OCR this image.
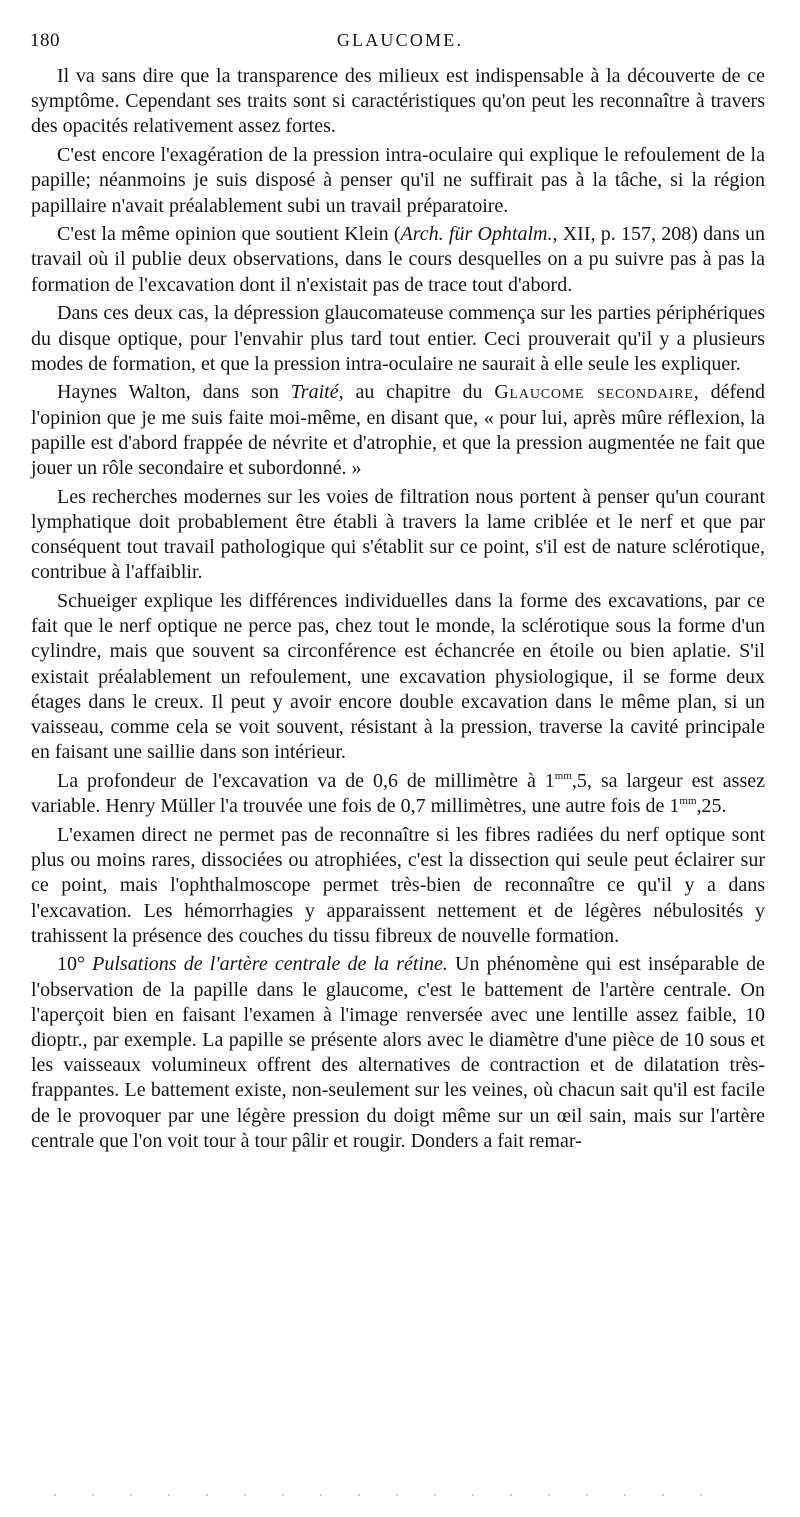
180	GLAUCOME.

Il va sans dire que la transparence des milieux est indispensable à la découverte de ce symptôme. Cependant ses traits sont si caractéristiques qu'on peut les reconnaître à travers des opacités relativement assez fortes.

C'est encore l'exagération de la pression intra-oculaire qui explique le refoulement de la papille; néanmoins je suis disposé à penser qu'il ne suffirait pas à la tâche, si la région papillaire n'avait préalablement subi un travail préparatoire.

C'est la même opinion que soutient Klein (Arch. für Ophtalm., XII, p. 157, 208) dans un travail où il publie deux observations, dans le cours desquelles on a pu suivre pas à pas la formation de l'excavation dont il n'existait pas de trace tout d'abord.

Dans ces deux cas, la dépression glaucomateuse commença sur les parties périphériques du disque optique, pour l'envahir plus tard tout entier. Ceci prouverait qu'il y a plusieurs modes de formation, et que la pression intra-oculaire ne saurait à elle seule les expliquer.

Haynes Walton, dans son Traité, au chapitre du Glaucome secondaire, défend l'opinion que je me suis faite moi-même, en disant que, « pour lui, après mûre réflexion, la papille est d'abord frappée de névrite et d'atrophie, et que la pression augmentée ne fait que jouer un rôle secondaire et subordonné. »

Les recherches modernes sur les voies de filtration nous portent à penser qu'un courant lymphatique doit probablement être établi à travers la lame criblée et le nerf et que par conséquent tout travail pathologique qui s'établit sur ce point, s'il est de nature sclérotique, contribue à l'affaiblir.

Schueiger explique les différences individuelles dans la forme des excavations, par ce fait que le nerf optique ne perce pas, chez tout le monde, la sclérotique sous la forme d'un cylindre, mais que souvent sa circonférence est échancrée en étoile ou bien aplatie. S'il existait préalablement un refoulement, une excavation physiologique, il se forme deux étages dans le creux. Il peut y avoir encore double excavation dans le même plan, si un vaisseau, comme cela se voit souvent, résistant à la pression, traverse la cavité principale en faisant une saillie dans son intérieur.

La profondeur de l'excavation va de 0,6 de millimètre à $1^{mm},5$, sa largeur est assez variable. Henry Müller l'a trouvée une fois de 0,7 millimètres, une autre fois de $1^{mm},25$.

L'examen direct ne permet pas de reconnaître si les fibres radiées du nerf optique sont plus ou moins rares, dissociées ou atrophiées, c'est la dissection qui seule peut éclairer sur ce point, mais l'ophthalmoscope permet très-bien de reconnaître ce qu'il y a dans l'excavation. Les hémorrhagies y apparaissent nettement et de légères nébulosités y trahissent la présence des couches du tissu fibreux de nouvelle formation.

10° Pulsations de l'artère centrale de la rétine. Un phénomène qui est inséparable de l'observation de la papille dans le glaucome, c'est le battement de l'artère centrale. On l'aperçoit bien en faisant l'examen à l'image renversée avec une lentille assez faible, 10 dioptr., par exemple. La papille se présente alors avec le diamètre d'une pièce de 10 sous et les vaisseaux volumineux offrent des alternatives de contraction et de dilatation très-frappantes. Le battement existe, non-seulement sur les veines, où chacun sait qu'il est facile de le provoquer par une légère pression du doigt même sur un œil sain, mais sur l'artère centrale que l'on voit tour à tour pâlir et rougir. Donders a fait remar-
